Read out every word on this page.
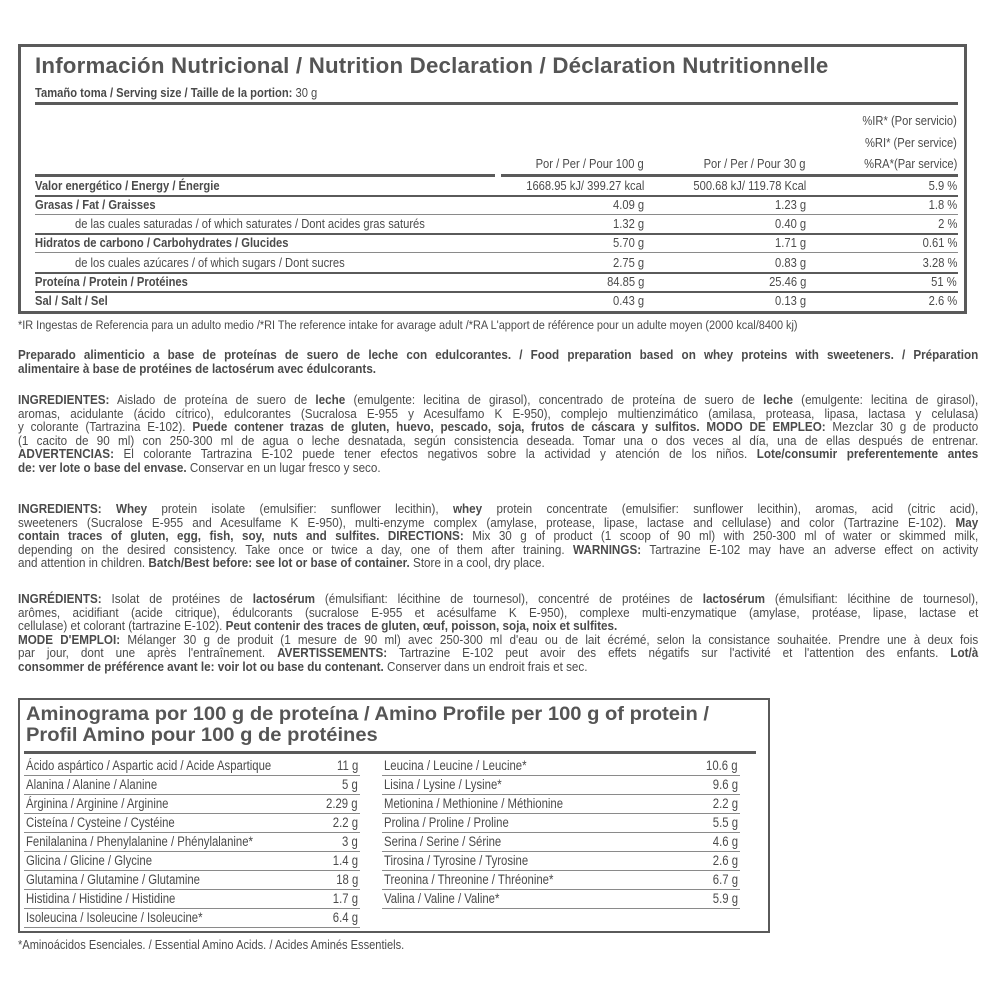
Información Nutricional / Nutrition Declaration / Déclaration Nutritionnelle
Tamaño toma / Serving size / Taille de la portion: 30 g
Por / Per / Pour 100 g	Por / Per / Pour 30 g
%IR* (Por servicio)
%RI* (Per service)
%RA*(Par service)
Valor energético / Energy / Énergie	1668.95 kJ/ 399.27 kcal	500.68 kJ/ 119.78 Kcal	5.9 %
Grasas / Fat / Graisses	4.09 g	1.23 g	1.8 %
de las cuales saturadas / of which saturates / Dont acides gras saturés	1.32 g	0.40 g	2 %
Hidratos de carbono / Carbohydrates / Glucides	5.70 g	1.71 g	0.61 %
de los cuales azúcares / of which sugars / Dont sucres	2.75 g	0.83 g	3.28 %
Proteína / Protein / Protéines	84.85 g	25.46 g	51 %
Sal / Salt / Sel	0.43 g	0.13 g	2.6 %
*IR Ingestas de Referencia para un adulto medio /*RI The reference intake for avarage adult /*RA L'apport de référence pour un adulte moyen (2000 kcal/8400 kj)
Preparado alimenticio a base de proteínas de suero de leche con edulcorantes. / Food preparation based on whey proteins with sweeteners. / Préparation
alimentaire à base de protéines de lactosérum avec édulcorants.
INGREDIENTES: Aislado de proteína de suero de leche (emulgente: lecitina de girasol), concentrado de proteína de suero de leche (emulgente: lecitina de girasol),
aromas, acidulante (ácido cítrico), edulcorantes (Sucralosa E-955 y Acesulfamo K E-950), complejo multienzimático (amilasa, proteasa, lipasa, lactasa y celulasa)
y colorante (Tartrazina E-102). Puede contener trazas de gluten, huevo, pescado, soja, frutos de cáscara y sulfitos. MODO DE EMPLEO: Mezclar 30 g de producto
(1 cacito de 90 ml) con 250-300 ml de agua o leche desnatada, según consistencia deseada. Tomar una o dos veces al día, una de ellas después de entrenar.
ADVERTENCIAS: El colorante Tartrazina E-102 puede tener efectos negativos sobre la actividad y atención de los niños. Lote/consumir preferentemente antes
de: ver lote o base del envase. Conservar en un lugar fresco y seco.
INGREDIENTS: Whey protein isolate (emulsifier: sunflower lecithin), whey protein concentrate (emulsifier: sunflower lecithin), aromas, acid (citric acid),
sweeteners (Sucralose E-955 and Acesulfame K E-950), multi-enzyme complex (amylase, protease, lipase, lactase and cellulase) and color (Tartrazine E-102). May
contain traces of gluten, egg, fish, soy, nuts and sulfites. DIRECTIONS: Mix 30 g of product (1 scoop of 90 ml) with 250-300 ml of water or skimmed milk,
depending on the desired consistency. Take once or twice a day, one of them after training. WARNINGS: Tartrazine E-102 may have an adverse effect on activity
and attention in children. Batch/Best before: see lot or base of container. Store in a cool, dry place.
INGRÉDIENTS: Isolat de protéines de lactosérum (émulsifiant: lécithine de tournesol), concentré de protéines de lactosérum (émulsifiant: lécithine de tournesol),
arômes, acidifiant (acide citrique), édulcorants (sucralose E-955 et acésulfame K E-950), complexe multi-enzymatique (amylase, protéase, lipase, lactase et
cellulase) et colorant (tartrazine E-102). Peut contenir des traces de gluten, œuf, poisson, soja, noix et sulfites.
MODE D'EMPLOI: Mélanger 30 g de produit (1 mesure de 90 ml) avec 250-300 ml d'eau ou de lait écrémé, selon la consistance souhaitée. Prendre une à deux fois
par jour, dont une après l'entraînement. AVERTISSEMENTS: Tartrazine E-102 peut avoir des effets négatifs sur l'activité et l'attention des enfants. Lot/à
consommer de préférence avant le: voir lot ou base du contenant. Conserver dans un endroit frais et sec.
Aminograma por 100 g de proteína / Amino Profile per 100 g of protein /
Profil Amino pour 100 g de protéines
Ácido aspártico / Aspartic acid / Acide Aspartique	11 g
Alanina / Alanine / Alanine	5 g
Árginina / Arginine / Arginine	2.29 g
Cisteína / Cysteine / Cystéine	2.2 g
Fenilalanina / Phenylalanine / Phénylalanine*	3 g
Glicina / Glicine / Glycine	1.4 g
Glutamina / Glutamine / Glutamine	18 g
Histidina / Histidine / Histidine	1.7 g
Isoleucina / Isoleucine / Isoleucine*	6.4 g
Leucina / Leucine / Leucine*	10.6 g
Lisina / Lysine / Lysine*	9.6 g
Metionina / Methionine / Méthionine	2.2 g
Prolina / Proline / Proline	5.5 g
Serina / Serine / Sérine	4.6 g
Tirosina / Tyrosine / Tyrosine	2.6 g
Treonina / Threonine / Thréonine*	6.7 g
Valina / Valine / Valine*	5.9 g
*Aminoácidos Esenciales. / Essential Amino Acids. / Acides Aminés Essentiels.
